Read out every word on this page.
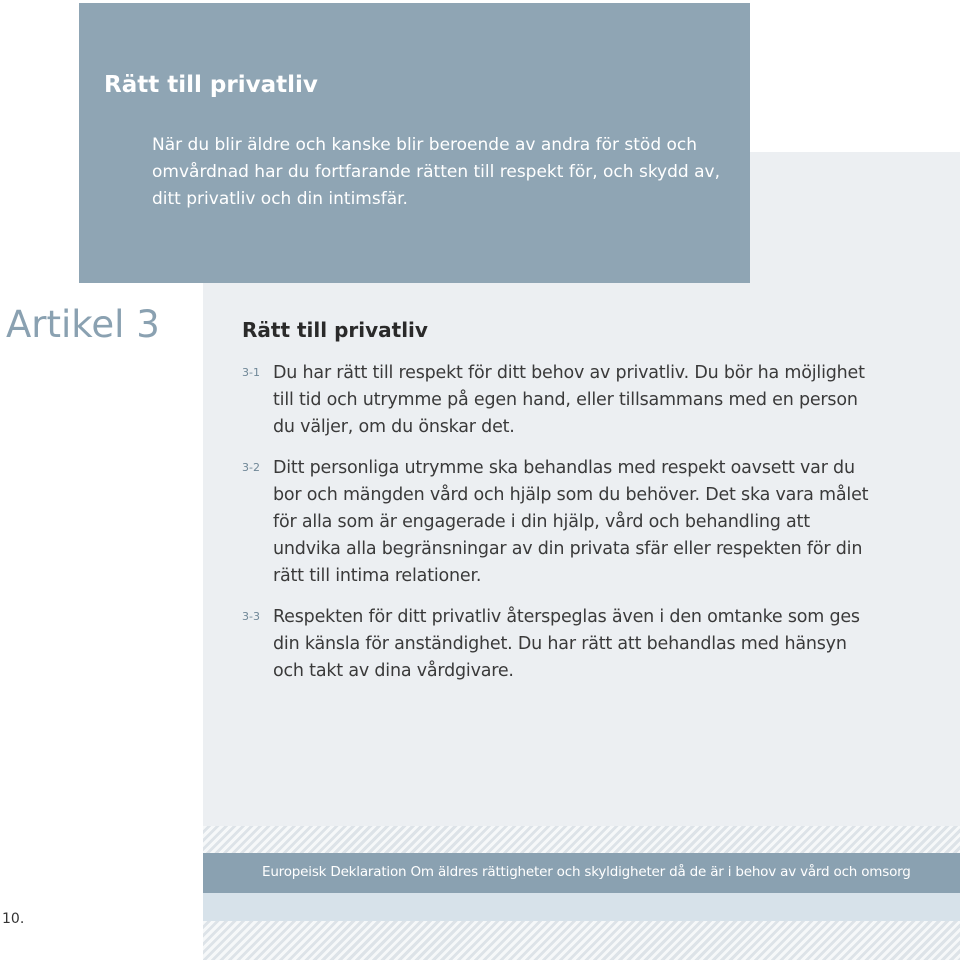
Rätt till privatliv

När du blir äldre och kanske blir beroende av andra för stöd och omvårdnad har du fortfarande rätten till respekt för, och skydd av, ditt privatliv och din intimsfär.

Artikel 3	Rätt till privatliv
3-1 Du har rätt till respekt för ditt behov av privatliv. Du bör ha möjlighet till tid och utrymme på egen hand, eller tillsammans med en person du väljer, om du önskar det.

3-2 Ditt personliga utrymme ska behandlas med respekt oavsett var du bor och mängden vård och hjälp som du behöver. Det ska vara målet för alla som är engagerade i din hjälp, vård och behandling att undvika alla begränsningar av din privata sfär eller respekten för din rätt till intima relationer.

3-3 Respekten för ditt privatliv återspeglas även i den omtanke som ges din känsla för anständighet. Du har rätt att behandlas med hänsyn och takt av dina vårdgivare.

Europeisk Deklaration Om äldres rättigheter och skyldigheter då de är i behov av vård och omsorg
10.
